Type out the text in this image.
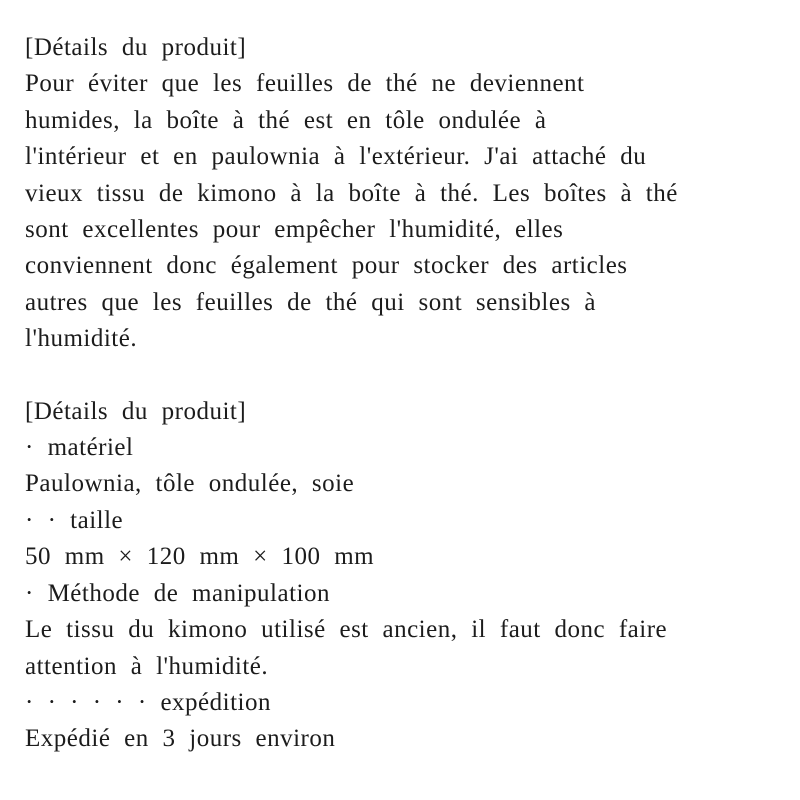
[Détails du produit]
Pour éviter que les feuilles de thé ne deviennent
humides, la boîte à thé est en tôle ondulée à
l'intérieur et en paulownia à l'extérieur. J'ai attaché du
vieux tissu de kimono à la boîte à thé. Les boîtes à thé
sont excellentes pour empêcher l'humidité, elles
conviennent donc également pour stocker des articles
autres que les feuilles de thé qui sont sensibles à
l'humidité.
[Détails du produit]
· matériel
Paulownia, tôle ondulée, soie
· · taille
50 mm × 120 mm × 100 mm
· Méthode de manipulation
Le tissu du kimono utilisé est ancien, il faut donc faire
attention à l'humidité.
· · · · · · expédition
Expédié en 3 jours environ
